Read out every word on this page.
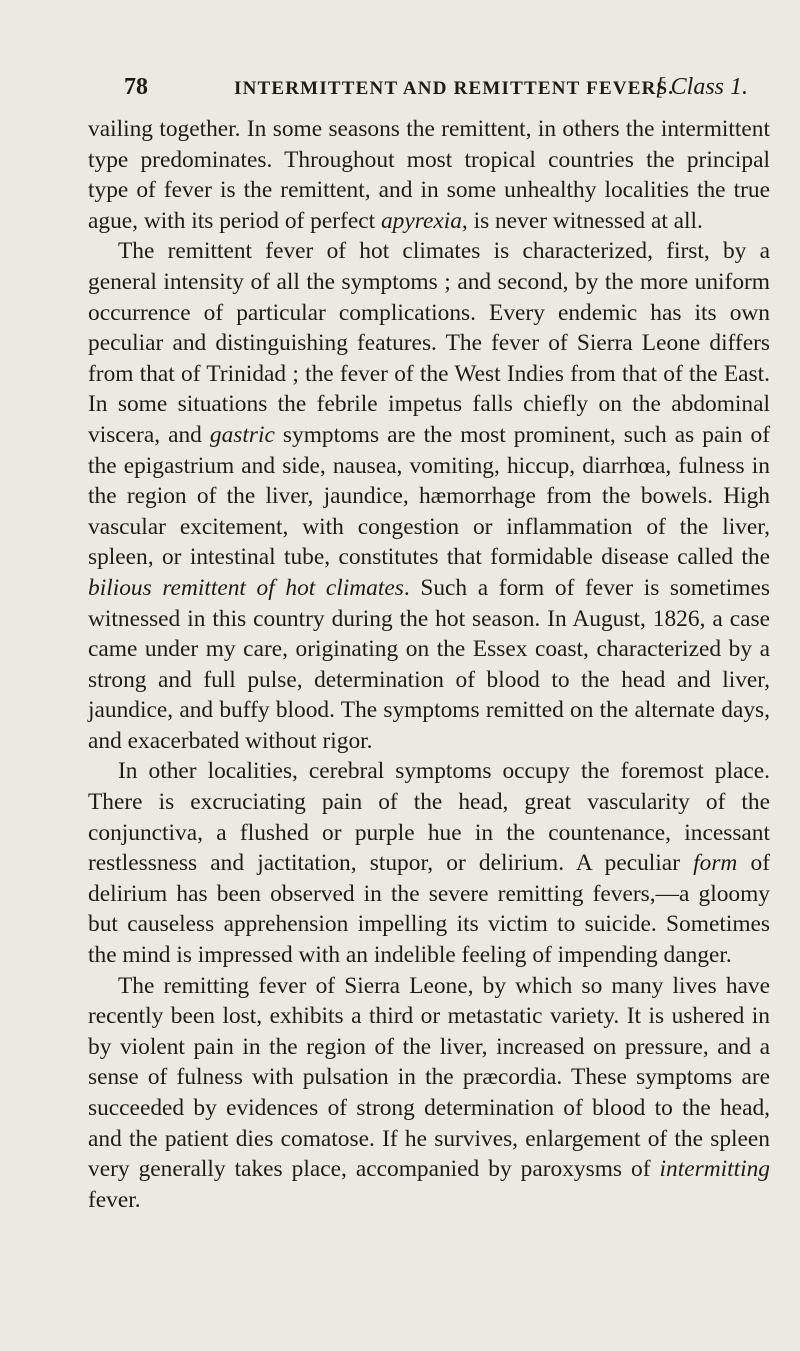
78	INTERMITTENT AND REMITTENT FEVERS.
[ Class 1.

vailing together. In some seasons the remittent, in others the intermittent type predominates. Throughout most tropical countries the principal type of fever is the remittent, and in some unhealthy localities the true ague, with its period of perfect apyrexia, is never witnessed at all.

The remittent fever of hot climates is characterized, first, by a general intensity of all the symptoms ; and second, by the more uniform occurrence of particular complications. Every endemic has its own peculiar and distinguishing features. The fever of Sierra Leone differs from that of Trinidad ; the fever of the West Indies from that of the East. In some situations the febrile impetus falls chiefly on the abdominal viscera, and gastric symptoms are the most prominent, such as pain of the epigastrium and side, nausea, vomiting, hiccup, diarrhœa, fulness in the region of the liver, jaundice, hæmorrhage from the bowels. High vascular excitement, with congestion or inflammation of the liver, spleen, or intestinal tube, constitutes that formidable disease called the bilious remittent of hot climates. Such a form of fever is sometimes witnessed in this country during the hot season. In August, 1826, a case came under my care, originating on the Essex coast, characterized by a strong and full pulse, determination of blood to the head and liver, jaundice, and buffy blood. The symptoms remitted on the alternate days, and exacerbated without rigor.

In other localities, cerebral symptoms occupy the foremost place. There is excruciating pain of the head, great vascularity of the conjunctiva, a flushed or purple hue in the countenance, incessant restlessness and jactitation, stupor, or delirium. A peculiar form of delirium has been observed in the severe remitting fevers,—a gloomy but causeless apprehension impelling its victim to suicide. Sometimes the mind is impressed with an indelible feeling of impending danger.

The remitting fever of Sierra Leone, by which so many lives have recently been lost, exhibits a third or metastatic variety. It is ushered in by violent pain in the region of the liver, increased on pressure, and a sense of fulness with pulsation in the præcordia. These symptoms are succeeded by evidences of strong determination of blood to the head, and the patient dies comatose. If he survives, enlargement of the spleen very generally takes place, accompanied by paroxysms of intermitting fever.
